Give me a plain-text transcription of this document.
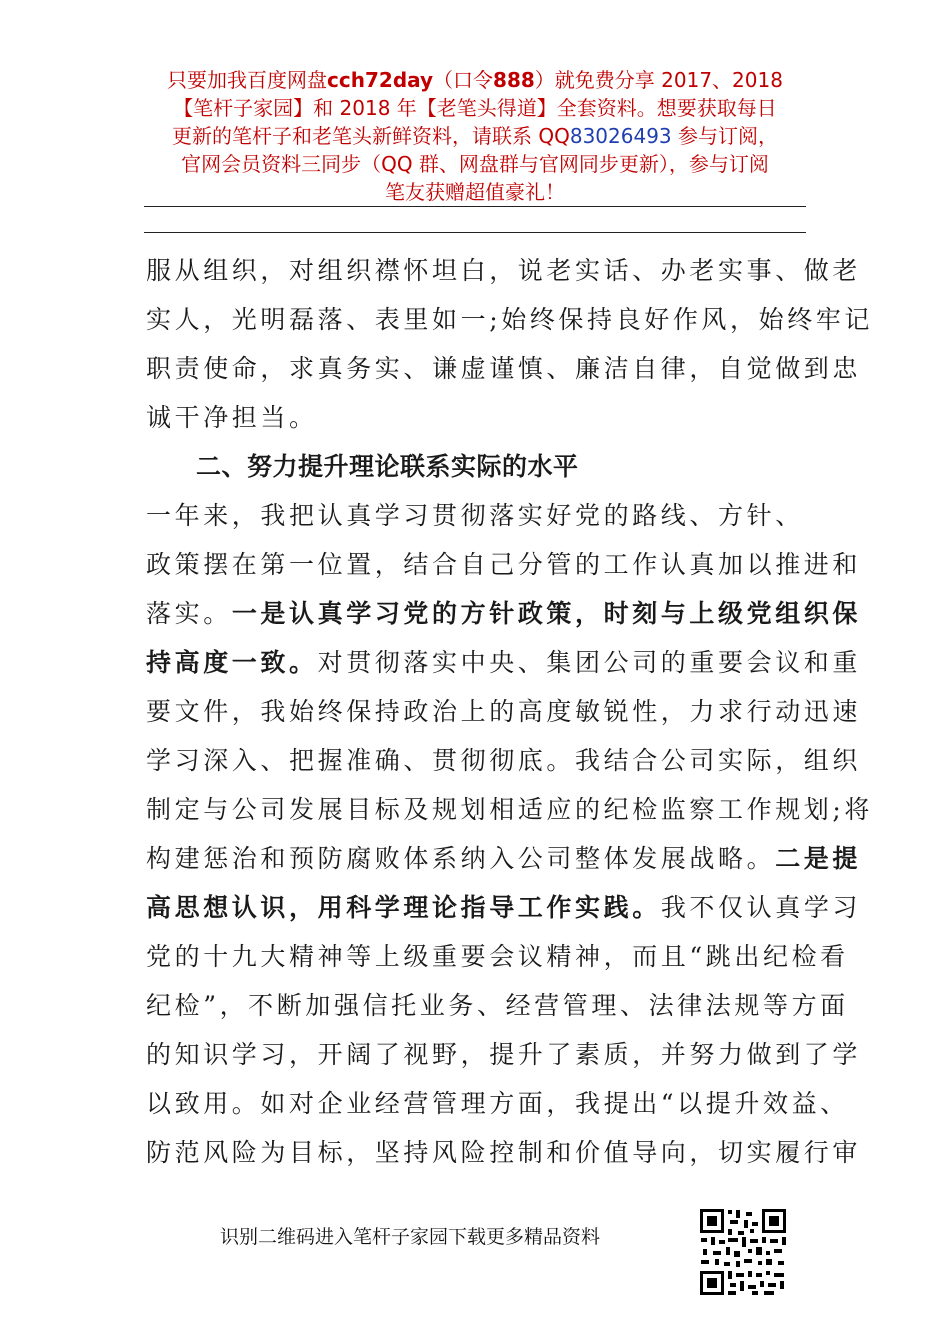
只要加我百度网盘cch72day（口令888）就免费分享 2017、2018
【笔杆子家园】和 2018 年【老笔头得道】全套资料。想要获取每日
更新的笔杆子和老笔头新鲜资料，请联系 QQ83026493 参与订阅，
官网会员资料三同步（QQ 群、网盘群与官网同步更新），参与订阅
笔友获赠超值豪礼！

服从组织，对组织襟怀坦白，说老实话、办老实事、做老
实人，光明磊落、表里如一;始终保持良好作风，始终牢记
职责使命，求真务实、谦虚谨慎、廉洁自律，自觉做到忠
诚干净担当。

二、努力提升理论联系实际的水平

一年来，我把认真学习贯彻落实好党的路线、方针、
政策摆在第一位置，结合自己分管的工作认真加以推进和
落实。一是认真学习党的方针政策，时刻与上级党组织保
持高度一致。对贯彻落实中央、集团公司的重要会议和重
要文件，我始终保持政治上的高度敏锐性，力求行动迅速
学习深入、把握准确、贯彻彻底。我结合公司实际，组织
制定与公司发展目标及规划相适应的纪检监察工作规划;将
构建惩治和预防腐败体系纳入公司整体发展战略。二是提
高思想认识，用科学理论指导工作实践。我不仅认真学习
党的十九大精神等上级重要会议精神，而且“跳出纪检看
纪检”，不断加强信托业务、经营管理、法律法规等方面
的知识学习，开阔了视野，提升了素质，并努力做到了学
以致用。如对企业经营管理方面，我提出“以提升效益、
防范风险为目标，坚持风险控制和价值导向，切实履行审

识别二维码进入笔杆子家园下载更多精品资料
